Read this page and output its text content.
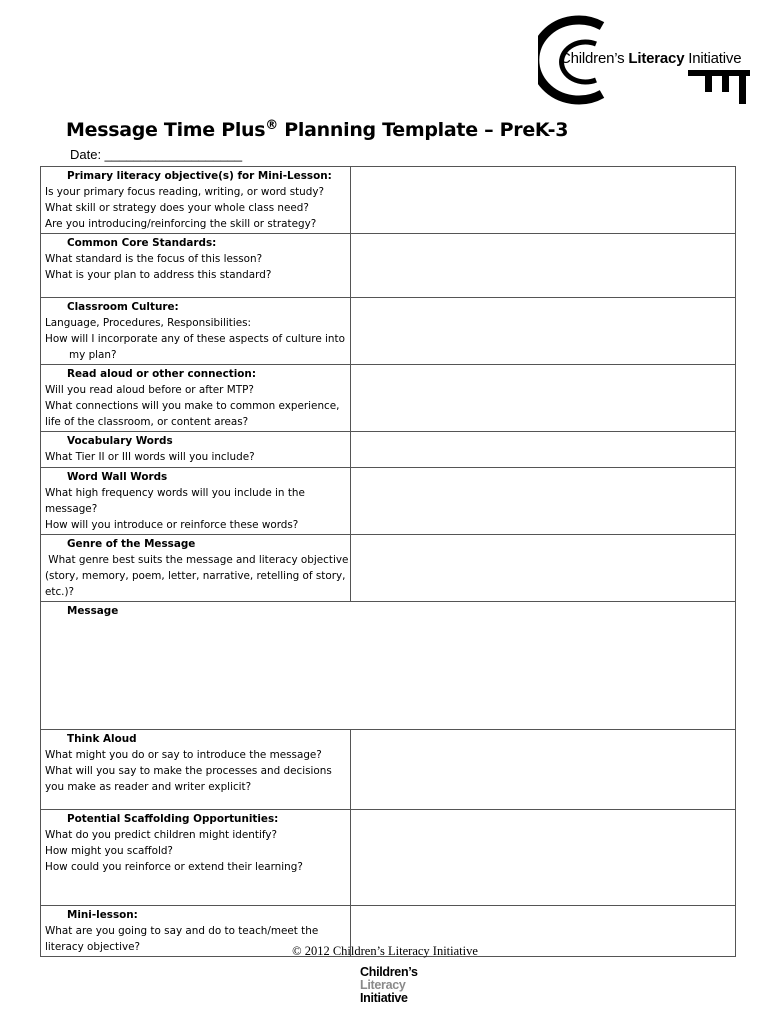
Children’s Literacy Initiative
Message Time Plus® Planning Template – PreK-3
Date: ___________________
Primary literacy objective(s) for Mini-Lesson:
Is your primary focus reading, writing, or word study?
What skill or strategy does your whole class need?
Are you introducing/reinforcing the skill or strategy?	

Common Core Standards:
What standard is the focus of this lesson?
What is your plan to address this standard?	

Classroom Culture:
Language, Procedures, Responsibilities:
How will I incorporate any of these aspects of culture into
my plan?	

Read aloud or other connection:
Will you read aloud before or after MTP?
What connections will you make to common experience,
life of the classroom, or content areas?	

Vocabulary Words
What Tier II or III words will you include?	

Word Wall Words
What high frequency words will you include in the
message?
How will you introduce or reinforce these words?	

Genre of the Message
What genre best suits the message and literacy objective
(story, memory, poem, letter, narrative, retelling of story,
etc.)?	

Message	

Think Aloud
What might you do or say to introduce the message?
What will you say to make the processes and decisions
you make as reader and writer explicit?	

Potential Scaffolding Opportunities:
What do you predict children might identify?
How might you scaffold?
How could you reinforce or extend their learning?	

Mini-lesson:
What are you going to say and do to teach/meet the
literacy objective?	
		© 2012 Children’s Literacy Initiative
Children’s
Literacy
Initiative
